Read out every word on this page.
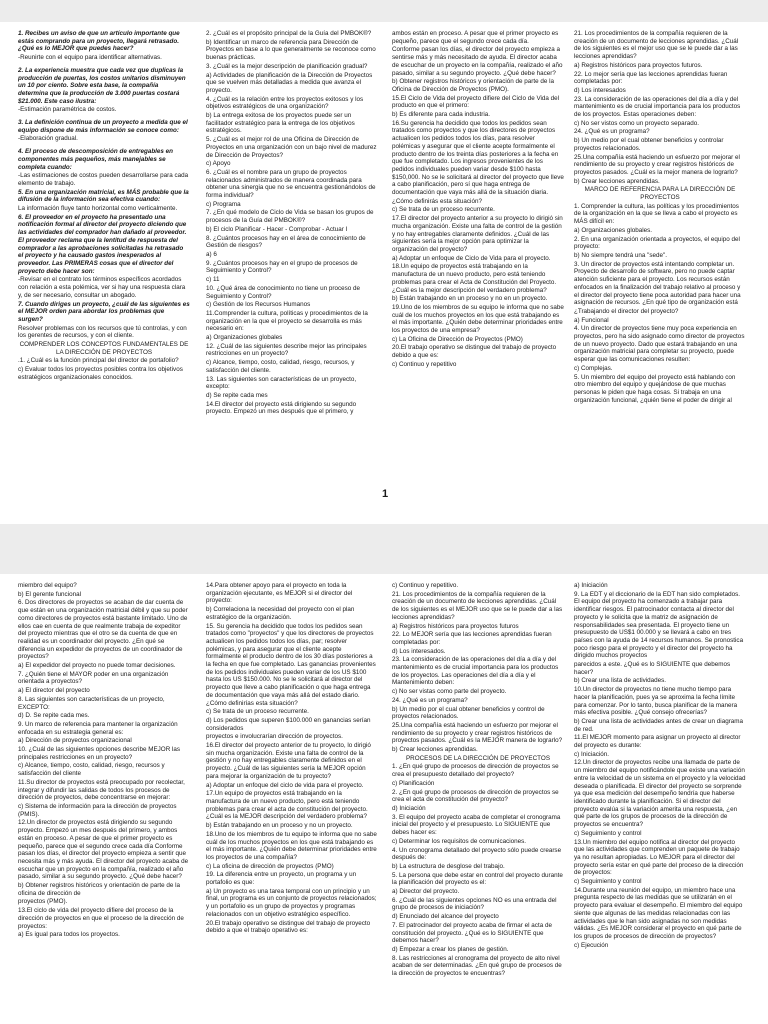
1. Recibes un aviso de que un artículo importante que estás comprando para un proyecto, llegará retrasado. ¿Qué es lo MEJOR que puedes hacer?
-Reunirte con el equipo para identificar alternativas.
2. La experiencia muestra que cada vez que duplicas la producción de puertas, los costos unitarios disminuyen un 10 por ciento. Sobre esta base, la compañía determina que la producción de 3.000 puertas costará $21.000. Este caso ilustra:
-Estimación paramétrica de costos.
3. La definición continua de un proyecto a medida que el equipo dispone de más información se conoce como:
-Elaboración gradual.
4. El proceso de descomposición de entregables en componentes más pequeños, más manejables se completa cuando:
-Las estimaciones de costos pueden desarrollarse para cada elemento de trabajo.
5. En una organización matricial, es MÁS probable que la difusión de la información sea efectiva cuando:
La información fluye tanto horizontal como verticalmente.
6. El proveedor en el proyecto ha presentado una notificación formal al director del proyecto diciendo que las actividades del comprador han dañado al proveedor. El proveedor reclama que la lentitud de respuesta del comprador a las aprobaciones solicitadas ha retrasado el proyecto y ha causado gastos inesperados al proveedor. Las PRIMERAS cosas que el director del proyecto debe hacer son:
-Revisar en el contrato los términos específicos acordados con relación a esta polémica, ver si hay una respuesta clara y, de ser necesario, consultar un abogado.
7. Cuando diriges un proyecto, ¿cuál de las siguientes es el MEJOR orden para abordar los problemas que surgen?
Resolver problemas con los recursos que tú controlas, y con los gerentes de recursos, y con el cliente.
COMPRENDER LOS CONCEPTOS FUNDAMENTALES DE LA DIRECCIÓN DE PROYECTOS
.1. ¿Cuál es la función principal del director de portafolio?
c) Evaluar todos los proyectos posibles contra los objetivos estratégicos organizacionales conocidos.
2. ¿Cuál es el propósito principal de la Guía del PMBOK®?
b) Identificar un marco de referencia para Dirección de Proyectos en base a lo que generalmente se reconoce como buenas prácticas.
3. ¿Cuál es la mejor descripción de planificación gradual?
a) Actividades de planificación de la Dirección de Proyectos que se vuelven más detalladas a medida que avanza el proyecto.
4. ¿Cuál es la relación entre los proyectos exitosos y los objetivos estratégicos de una organización?
b) La entrega exitosa de los proyectos puede ser un facilitador estratégico para la entrega de los objetivos estratégicos.
5. ¿Cuál es el mejor rol de una Oficina de Dirección de Proyectos en una organización con un bajo nivel de madurez de Dirección de Proyectos?
c) Apoyo
6. ¿Cuál es el nombre para un grupo de proyectos relacionados administrados de manera coordinada para obtener una sinergia que no se encuentra gestionándolos de forma individual?
c) Programa
7. ¿En qué modelo de Ciclo de Vida se basan los grupos de procesos de la Guía del PMBOK®?
b) El ciclo Planificar - Hacer - Comprobar - Actuar I
8. ¿Cuántos procesos hay en el área de conocimiento de Gestión de riesgos?
a) 6
9. ¿Cuántos procesos hay en el grupo de procesos de Seguimiento y Control?
c) 11
10. ¿Qué área de conocimiento no tiene un proceso de Seguimiento y Control?
c) Gestión de los Recursos Humanos
11.Comprender la cultura, políticas y procedimientos de la organización en la que el proyecto se desarrolla es más necesario en:
a) Organizaciones globales
12. ¿Cuál de las siguientes describe mejor las principales restricciones en un proyecto?
c) Alcance, tiempo, costo, calidad, riesgo, recursos, y satisfacción del cliente.
13. Las siguientes son características de un proyecto, excepto:
d) Se repite cada mes
14.El director del proyecto está dirigiendo su segundo proyecto. Empezó un mes después que el primero, y
ambos están en proceso. A pesar que el primer proyecto es pequeño, parece que el segundo crece cada día.
Conforme pasan los días, el director del proyecto empieza a sentirse más y más necesitado de ayuda. El director acaba de escuchar de un proyecto en la compañía, realizado el año pasado, similar a su segundo proyecto. ¿Qué debe hacer?
b) Obtener registros históricos y orientación de parte de la Oficina de Dirección de Proyectos (PMO).
15.El Ciclo de Vida del proyecto difiere del Ciclo de Vida del producto en que el primero:
b) Es diferente para cada industria.
16.Su gerencia ha decidido que todos los pedidos sean tratados como proyectos y que los directores de proyectos actualicen los pedidos todos los días, para resolver polémicas y asegurar que el cliente acepte formalmente el producto dentro de los treinta días posteriores a la fecha en que fue completado. Los ingresos provenientes de los pedidos individuales pueden variar desde $100 hasta $150,000. No se le solicitará al director del proyecto que lleve a cabo planificación, pero sí que haga entrega de documentación que vaya más allá de la situación diaria.
¿Cómo definirás esta situación?
c) Se trata de un proceso recurrente.
17.El director del proyecto anterior a su proyecto lo dirigió sin mucha organización. Existe una falta de control de la gestión y no hay entregables claramente definidos. ¿Cuál de las siguientes sería la mejor opción para optimizar la organización del proyecto?
a) Adoptar un enfoque de Ciclo de Vida para el proyecto.
18.Un equipo de proyectos está trabajando en la manufactura de un nuevo producto, pero está teniendo problemas para crear el Acta de Constitución del Proyecto. ¿Cuál es la mejor descripción del verdadero problema?
b) Están trabajando en un proceso y no en un proyecto.
19.Uno de los miembros de su equipo le informa que no sabe cuál de los muchos proyectos en los que está trabajando es el más importante. ¿Quién debe determinar prioridades entre los proyectos de una empresa?
c) La Oficina de Dirección de Proyectos (PMO)
20.El trabajo operativo se distingue del trabajo de proyecto debido a que es:
c) Continuo y repetitivo
21. Los procedimientos de la compañía requieren de la creación de un documento de lecciones aprendidas. ¿Cuál de los siguientes es el mejor uso que se le puede dar a las lecciones aprendidas?
a) Registros históricos para proyectos futuros.
22. Lo mejor sería que las lecciones aprendidas fueran completadas por:
d) Los interesados
23. La consideración de las operaciones del día a día y del mantenimiento es de crucial importancia para los productos de los proyectos. Estas operaciones deben:
c) No ser vistos como un proyecto separado.
24. ¿Qué es un programa?
b) Un medio por el cual obtener beneficios y controlar proyectos relacionados.
25.Una compañía está haciendo un esfuerzo por mejorar el rendimiento de su proyecto y crear registros históricos de proyectos pasados. ¿Cuál es la mejor manera de lograrlo?
b) Crear lecciones aprendidas.
MARCO DE REFERENCIA PARA LA DIRECCIÓN DE PROYECTOS
1. Comprender la cultura, las políticas y los procedimientos de la organización en la que se lleva a cabo el proyecto es MÁS difícil en:
a) Organizaciones globales.
2. En una organización orientada a proyectos, el equipo del proyecto:
b) No siempre tendrá una "sede".
3. Un director de proyectos está intentando completar un. Proyecto de desarrollo de software, pero no puede captar atención suficiente para el proyecto. Los recursos están enfocados en la finalización del trabajo relativo al proceso y el director del proyecto tiene poca autoridad para hacer una asignación de recursos. ¿En qué tipo de organización está
¿Trabajando el director del proyecto?
a) Funcional
4. Un director de proyectos tiene muy poca experiencia en proyectos, pero ha sido asignado como director de proyectos de un nuevo proyecto. Dado que estará trabajando en una organización matricial para completar su proyecto, puede esperar que las comunicaciones resulten:
c) Complejas.
5. Un miembro del equipo del proyecto está hablando con otro miembro del equipo y quejándose de que muchas personas le piden que haga cosas. Si trabaja en una organización funcional, ¿quién tiene el poder de dirigir al
1
miembro del equipo?
b) El gerente funcional
6. Dos directores de proyectos se acaban de dar cuenta de que están en una organización matricial débil y que su poder como directores de proyectos está bastante limitado. Uno de ellos cae en cuenta de que realmente trabaja de expeditor del proyecto mientras que el otro se da cuenta de que en realidad es un coordinador del proyecto. ¿En qué se diferencia un expedidor de proyectos de un coordinador de proyectos?
a) El expedidor del proyecto no puede tomar decisiones.
7. ¿Quién tiene el MAYOR poder en una organización orientada a proyectos?
a) El director del proyecto
8. Las siguientes son características de un proyecto, EXCEPTO:
d) D. Se repite cada mes.
9. Un marco de referencia para mantener la organización enfocada en su estrategia general es:
a) Dirección de proyectos organizacional
10. ¿Cuál de las siguientes opciones describe MEJOR las principales restricciones en un proyecto?
c) Alcance, tiempo, costo, calidad, riesgo, recursos y satisfacción del cliente
11.Su director de proyectos está preocupado por recolectar, integrar y difundir las salidas de todos los procesos de dirección de proyectos, debe concentrarse en mejorar:
c) Sistema de información para la dirección de proyectos (PMIS).
12.Un director de proyectos está dirigiendo su segundo proyecto. Empezó un mes después del primero, y ambos están en proceso. A pesar de que el primer proyecto es pequeño, parece que el segundo crece cada día Conforme pasan los días, el director del proyecto empieza a sentir que necesita más y más ayuda. El director del proyecto acaba de escuchar que un proyecto en la compañía, realizado el año pasado, similar a su segundo proyecto. ¿Qué debe hacer?
b) Obtener registros históricos y orientación de parte de la oficina de dirección de
proyectos (PMO).
13.El ciclo de vida del proyecto difiere del proceso de la dirección de proyectos en que el proceso de la dirección de proyectos:
a) Es igual para todos los proyectos.
14.Para obtener apoyo para el proyecto en toda la organización ejecutante, es MEJOR si el director del proyecto:
b) Correlaciona la necesidad del proyecto con el plan estratégico de la organización.
15. Su gerencia ha decidido que todos los pedidos sean tratados como "proyectos" y que los directores de proyectos actualicen los pedidos todos los días, par; resolver polémicas, y para asegurar que el cliente acepte formalmente el producto dentro de los 30 días posteriores a la fecha en que fue completado. Las ganancias provenientes de los pedidos individuales pueden variar de los US $100 hasta los US $150.000. No se le solicitará al director del proyecto que lleve a cabo planificación o que haga entrega de documentación que vaya más allá del estado diario. ¿Cómo definirías esta situación?
c) Se trata de un proceso recurrente.
d) Los pedidos que superen $100.000 en ganancias serían considerados
proyectos e involucrarían dirección de proyectos.
16.El director del proyecto anterior de tu proyecto, lo dirigió sin mucha organización. Existe una falta de control de la gestión y no hay entregables claramente definidos en el proyecto. ¿Cuál de las siguientes sería la MEJOR opción para mejorar la organización de tu proyecto?
a) Adoptar un enfoque del ciclo de vida para el proyecto.
17.Un equipo de proyectos está trabajando en la manufactura de un nuevo producto, pero está teniendo problemas para crear el acta de constitución del proyecto. ¿Cuál es la MEJOR descripción del verdadero problema?
b) Están trabajando en un proceso y no un proyecto.
18.Uno de los miembros de tu equipo te informa que no sabe cuál de los muchos proyectos en los que está trabajando es el más importante. ¿Quién debe determinar prioridades entre los proyectos de una compañía?
c) La oficina de dirección de proyectos (PMO)
19. La diferencia entre un proyecto, un programa y un portafolio es que:
a) Un proyecto es una tarea temporal con un principio y un final, un programa es un conjunto de proyectos relacionados; y un portafolio es un grupo de proyectos y programas relacionados con un objetivo estratégico específico.
20.El trabajo operativo se distingue del trabajo de proyecto debido a que el trabajo operativo es:
c) Continuo y repetitivo.
21. Los procedimientos de la compañía requieren de la creación de un documento de lecciones aprendidas. ¿Cuál de los siguientes es el MEJOR uso que se le puede dar a las lecciones aprendidas?
a) Registros históricos para proyectos futuros
22. Lo MEJOR sería que las lecciones aprendidas fueran completadas por:
d) Los interesados.
23. La consideración de las operaciones del día a día y del mantenimiento es de crucial importancia para los productos de los proyectos. Las operaciones del día a día y el Mantenimiento deben:
c) No ser vistas como parte del proyecto.
24. ¿Qué es un programa?
b) Un medio por el cual obtener beneficios y control de proyectos relacionados.
25.Una compañía está haciendo un esfuerzo por mejorar el rendimiento de su proyecto y crear registros históricos de proyectos pasados. ¿Cuál es la MEJOR manera de lograrlo?
b) Crear lecciones aprendidas.
PROCESOS DE LA DIRECCIÓN DE PROYECTOS
1. ¿En qué grupo de procesos de dirección de proyectos se crea el presupuesto detallado del proyecto?
c) Planificación
2. ¿En qué grupo de procesos de dirección de proyectos se crea el acta de constitución del proyecto?
d) Iniciación
3. El equipo del proyecto acaba de completar el cronograma inicial del proyecto y el presupuesto. Lo SIGUIENTE que debes hacer es:
c) Determinar los requisitos de comunicaciones.
4. Un cronograma detallado del proyecto sólo puede crearse después de:
b) La estructura de desglose del trabajo.
5. La persona que debe estar en control del proyecto durante la planificación del proyecto es el:
a) Director del proyecto.
6. ¿Cuál de las siguientes opciones NO es una entrada del grupo de procesos de iniciación?
d) Enunciado del alcance del proyecto
7. El patrocinador del proyecto acaba de firmar el acta de constitución del proyecto. ¿Qué es lo SIGUIENTE que debemos hacer?
d) Empezar a crear los planes de gestión.
8. Las restricciones al cronograma del proyecto de alto nivel acaban de ser determinadas. ¿En qué grupo de procesos de la dirección de proyectos te encuentras?
a) Iniciación
9. La EDT y el diccionario de la EDT han sido completados. El equipo del proyecto ha comenzado a trabajar para identificar riesgos. El patrocinador contacta al director del proyecto y le solicita que la matriz de asignación de responsabilidades sea presentada. El proyecto tiene un presupuesto de US$1 00.000 y se llevará a cabo en tres países con la ayuda de 14 recursos humanos. Se pronostica poco riesgo para el proyecto y el director del proyecto ha dirigido muchos proyectos
parecidos a este. ¿Qué es lo SIGUIENTE que debemos hacer?
b) Crear una lista de actividades.
10.Un director de proyectos no tiene mucho tiempo para hacer la planificación, pues ya se aproxima la fecha límite para comenzar. Por lo tanto, busca planificar de la manera más efectiva posible. ¿Qué consejo ofrecerías?
b) Crear una lista de actividades antes de crear un diagrama de red.
11.El MEJOR momento para asignar un proyecto al director del proyecto es durante:
c) Iniciación.
12.Un director de proyectos recibe una llamada de parte de un miembro del equipo notificándole que existe una variación entre la velocidad de un sistema en el proyecto y la velocidad deseada o planificada. El director del proyecto se sorprende ya que esa medición del desempeño tendría que haberse identificado durante la planificación. Si el director del proyecto evalúa si la variación amerita una respuesta, ¿en qué parte de los grupos de procesos de la dirección de proyectos se encuentra?
c) Seguimiento y control
13.Un miembro del equipo notifica al director del proyecto que las actividades que comprenden un paquete de trabajo ya no resultan apropiadas. Lo MEJOR para el director del proyecto sería estar en qué parte del proceso de la dirección de proyectos:
c) Seguimiento y control
14.Durante una reunión del equipo, un miembro hace una pregunta respecto de las medidas que se utilizarán en el proyecto para evaluar el desempeño. El miembro del equipo siente que algunas de las medidas relacionadas con las actividades que le han sido asignadas no son medidas válidas. ¿Es MEJOR considerar el proyecto en qué parte de los grupos de procesos de dirección de proyectos?
c) Ejecución
